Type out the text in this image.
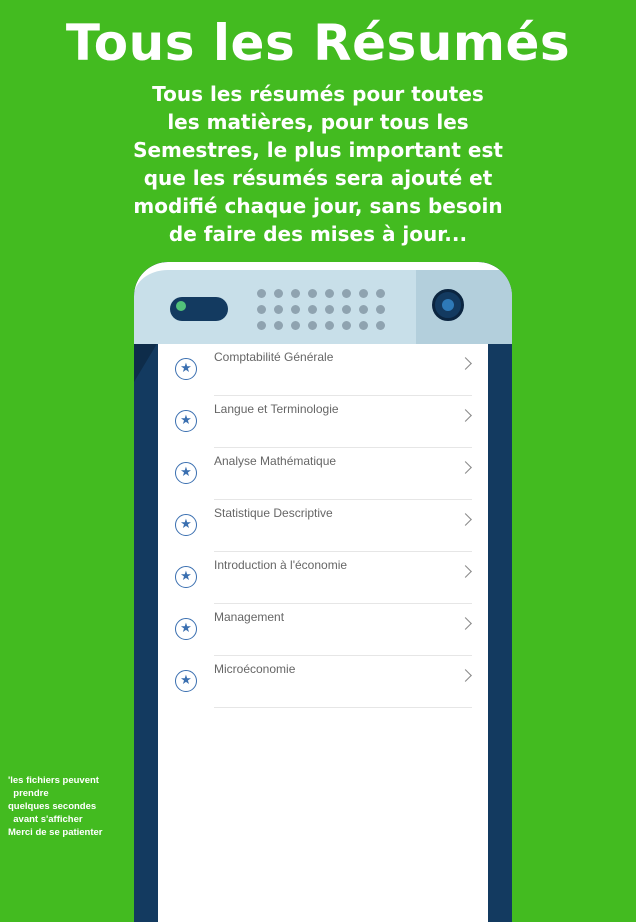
Tous les Résumés
Tous les résumés pour toutes
les matières, pour tous les
Semestres, le plus important est
que les résumés sera ajouté et
modifié chaque jour, sans besoin
de faire des mises à jour...
'les fichiers peuvent
prendre
quelques secondes
avant s'afficher
Merci de se patienter
★
Comptabilité Générale
★
Langue et Terminologie
★
Analyse Mathématique
★
Statistique Descriptive
★
Introduction à l'économie
★
Management
★
Microéconomie
